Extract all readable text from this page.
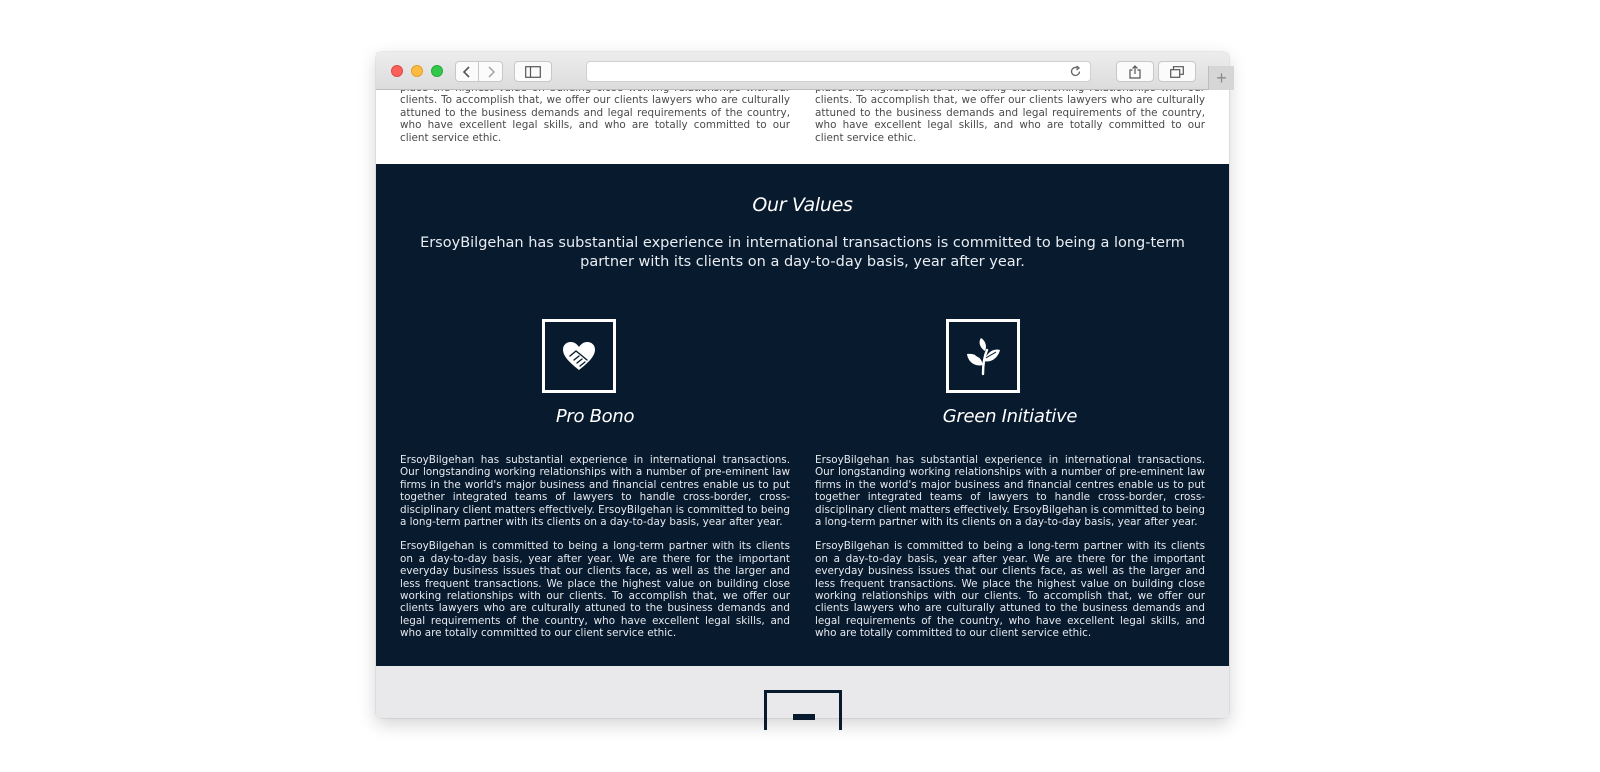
+

clients. To accomplish that, we offer our clients lawyers who are culturally attuned to the business demands and legal requirements of the country, who have excellent legal skills, and who are totally committed to our client service ethic.

clients. To accomplish that, we offer our clients lawyers who are culturally attuned to the business demands and legal requirements of the country, who have excellent legal skills, and who are totally committed to our client service ethic.

Our Values
ErsoyBilgehan has substantial experience in international transactions is committed to being a long-term partner with its clients on a day-to-day basis, year after year.
Pro Bono	Green Initiative

ErsoyBilgehan has substantial experience in international transactions. Our longstanding working relationships with a number of pre-eminent law firms in the world's major business and financial centres enable us to put together integrated teams of lawyers to handle cross-border, cross-disciplinary client matters effectively. ErsoyBilgehan is committed to being a long-term partner with its clients on a day-to-day basis, year after year.

ErsoyBilgehan is committed to being a long-term partner with its clients on a day-to-day basis, year after year. We are there for the important everyday business issues that our clients face, as well as the larger and less frequent transactions. We place the highest value on building close working relationships with our clients. To accomplish that, we offer our clients lawyers who are culturally attuned to the business demands and legal requirements of the country, who have excellent legal skills, and who are totally committed to our client service ethic.

ErsoyBilgehan has substantial experience in international transactions. Our longstanding working relationships with a number of pre-eminent law firms in the world's major business and financial centres enable us to put together integrated teams of lawyers to handle cross-border, cross-disciplinary client matters effectively. ErsoyBilgehan is committed to being a long-term partner with its clients on a day-to-day basis, year after year.

ErsoyBilgehan is committed to being a long-term partner with its clients on a day-to-day basis, year after year. We are there for the important everyday business issues that our clients face, as well as the larger and less frequent transactions. We place the highest value on building close working relationships with our clients. To accomplish that, we offer our clients lawyers who are culturally attuned to the business demands and legal requirements of the country, who have excellent legal skills, and who are totally committed to our client service ethic.
